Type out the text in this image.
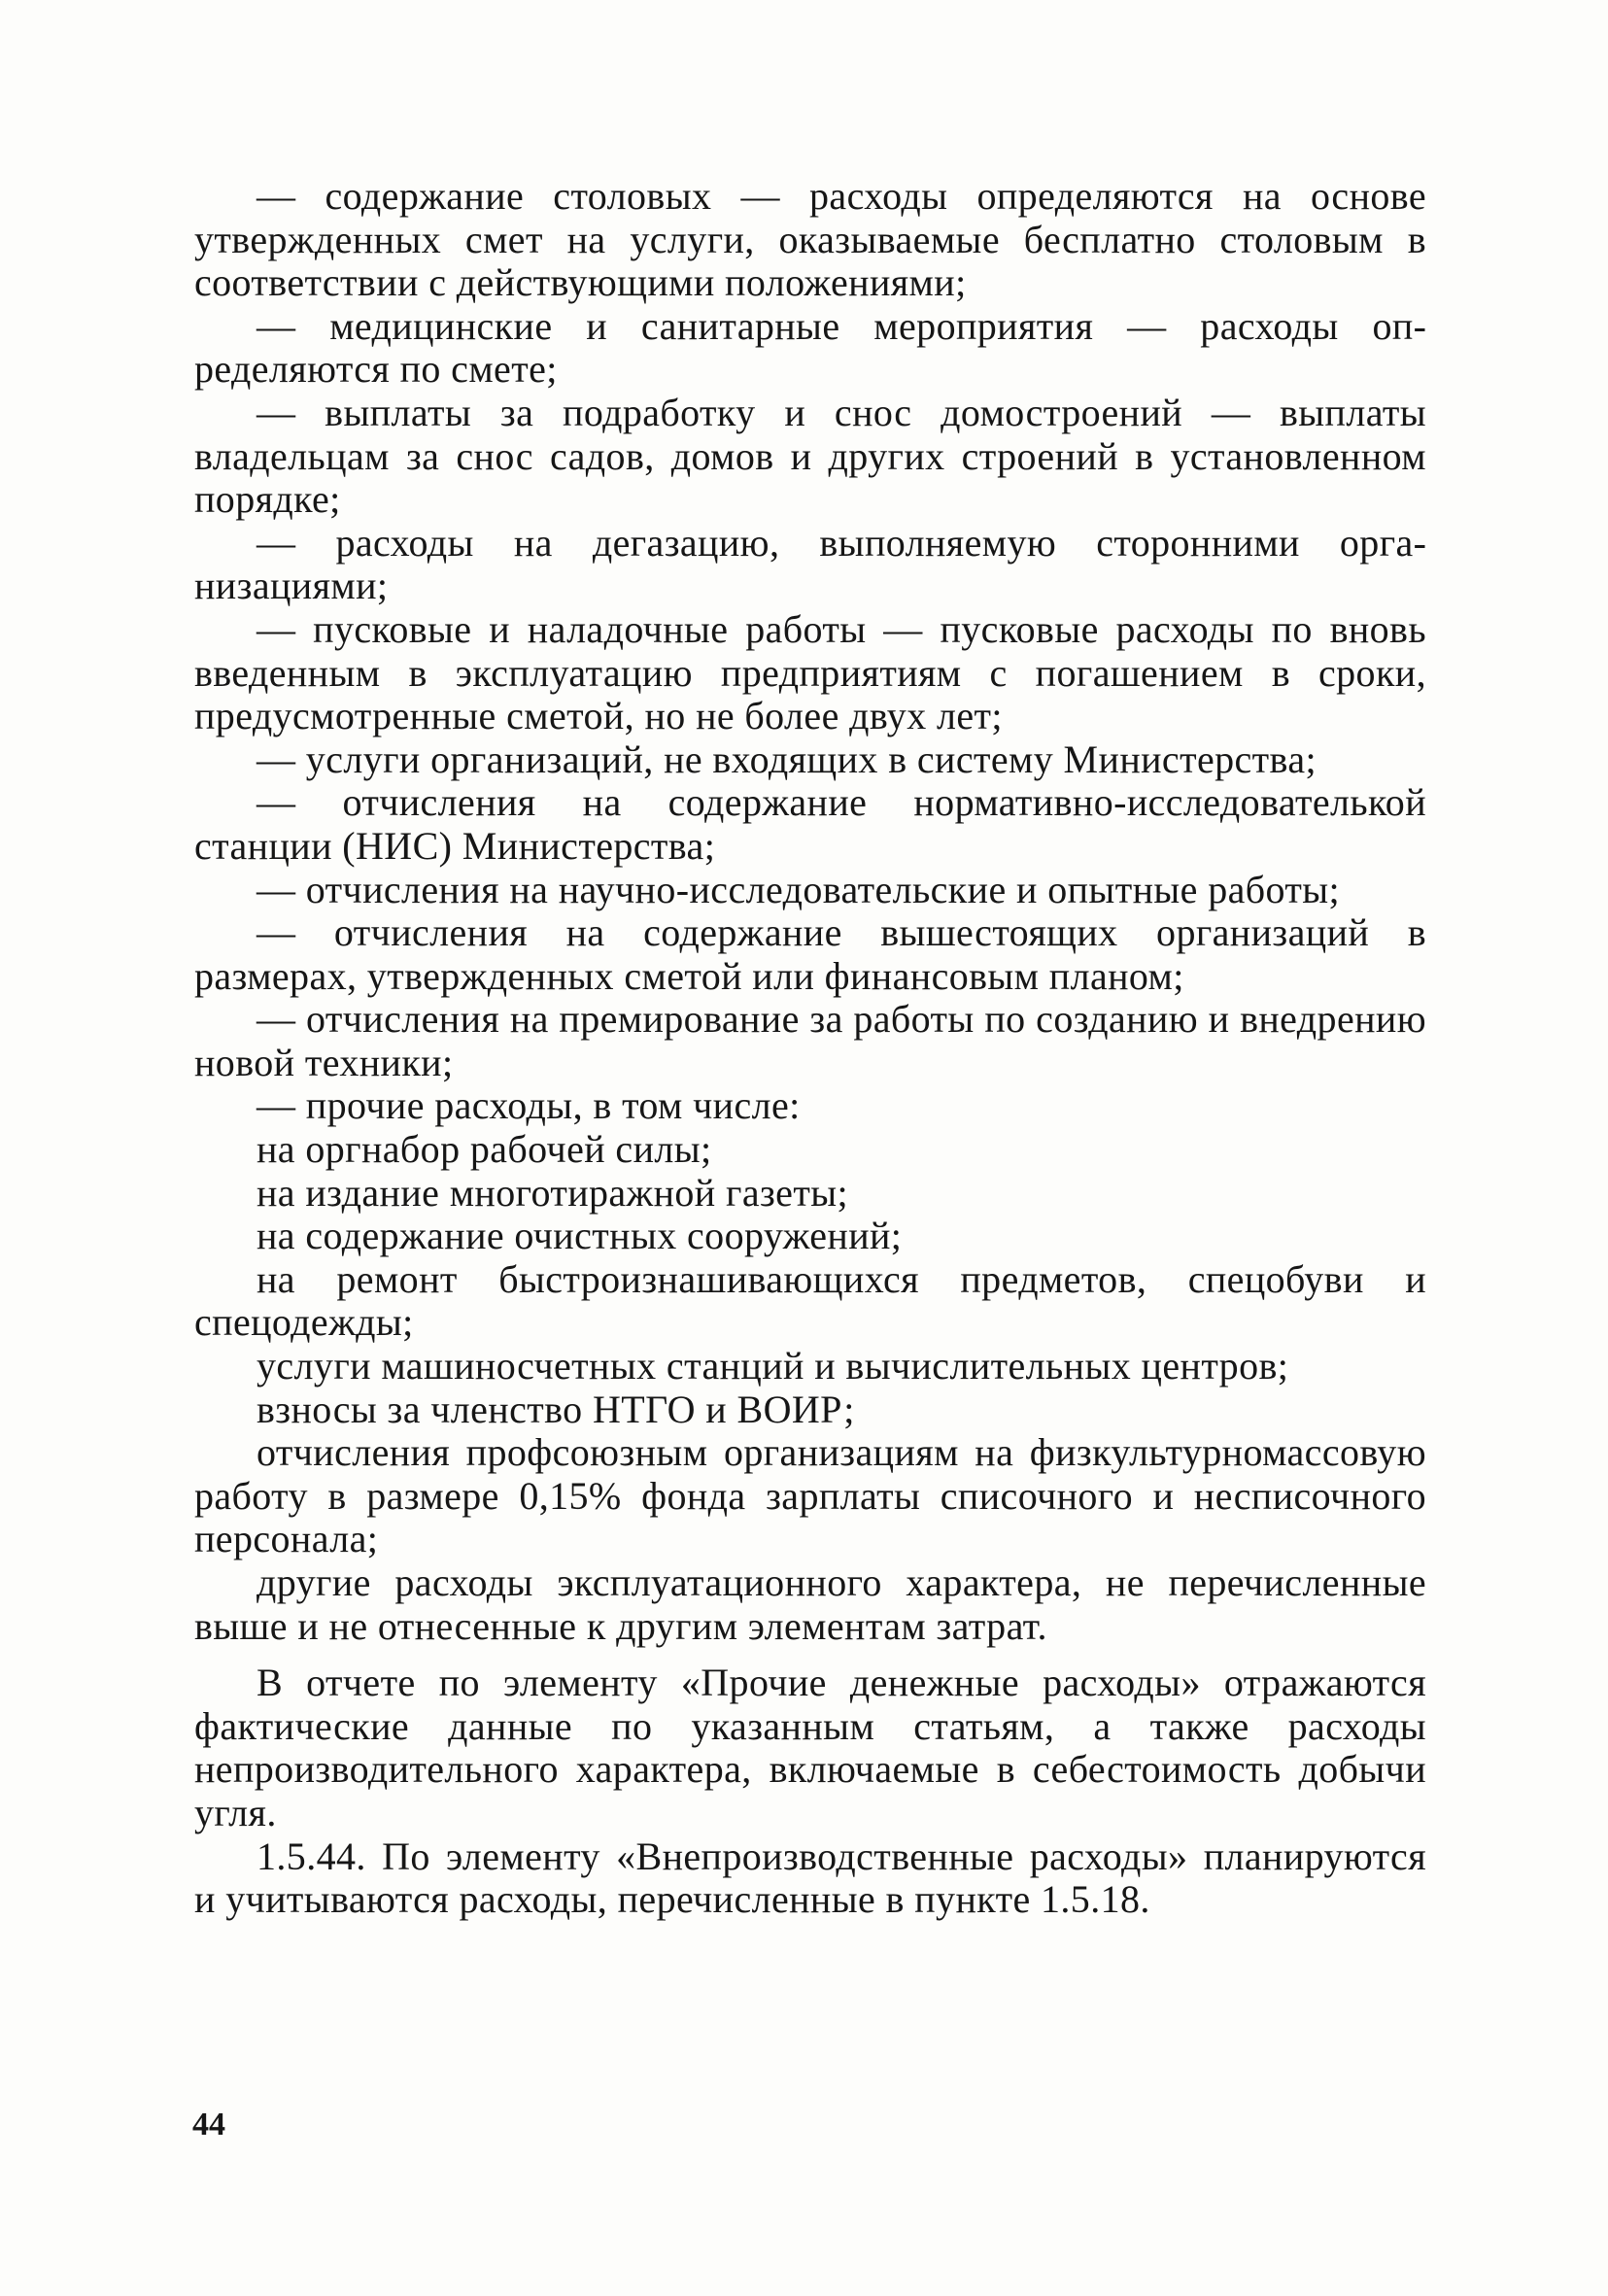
— содержание столовых — расходы определяются на основе утвержденных смет на услуги, оказываемые бесплатно столовым в соответствии с действующими положениями;

— медицинские и санитарные мероприятия — расходы определяются по смете;

— выплаты за подработку и снос домостроений — выплаты владельцам за снос садов, домов и других строений в установленном порядке;

— расходы на дегазацию, выполняемую сторонними организациями;

— пусковые и наладочные работы — пусковые расходы по вновь введенным в эксплуатацию предприятиям с погашением в сроки, предусмотренные сметой, но не более двух лет;

— услуги организаций, не входящих в систему Министерства;

— отчисления на содержание нормативно-исследователькой станции (НИС) Министерства;

— отчисления на научно-исследовательские и опытные работы;

— отчисления на содержание вышестоящих организаций в размерах, утвержденных сметой или финансовым планом;

— отчисления на премирование за работы по созданию и внедрению новой техники;

— прочие расходы, в том числе:

на оргнабор рабочей силы;

на издание многотиражной газеты;

на содержание очистных сооружений;

на ремонт быстроизнашивающихся предметов, спецобуви и спецодежды;

услуги машиносчетных станций и вычислительных центров;

взносы за членство НТГО и ВОИР;

отчисления профсоюзным организациям на физкультурномассовую работу в размере 0,15% фонда зарплаты списочного и несписочного персонала;

другие расходы эксплуатационного характера, не перечисленные выше и не отнесенные к другим элементам затрат.

В отчете по элементу «Прочие денежные расходы» отражаются фактические данные по указанным статьям, а также расходы непроизводительного характера, включаемые в себестоимость добычи угля.

1.5.44. По элементу «Внепроизводственные расходы» планируются и учитываются расходы, перечисленные в пункте 1.5.18.

44
